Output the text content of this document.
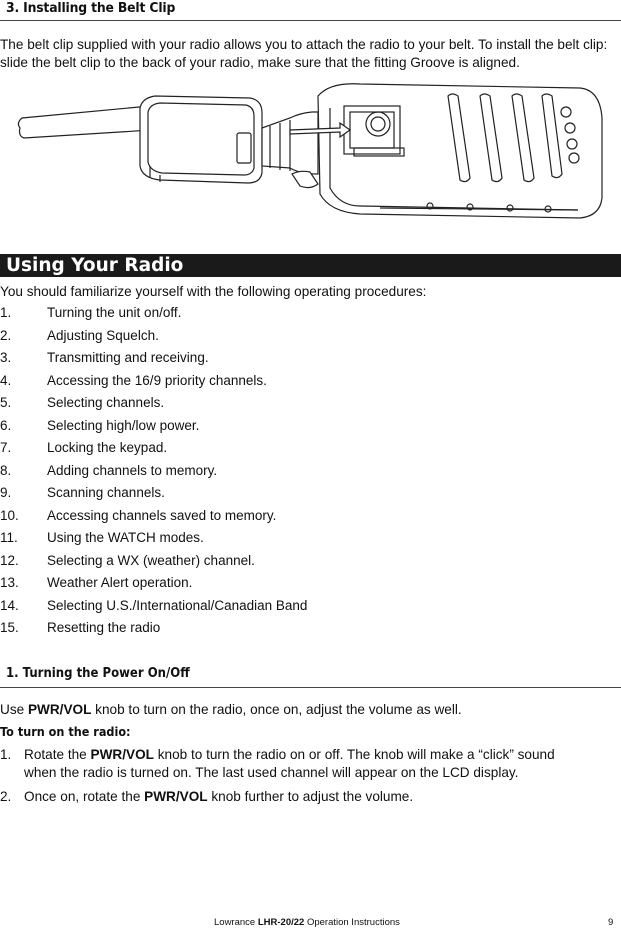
3. Installing the Belt Clip
The belt clip supplied with your radio allows you to attach the radio to your belt. To install the belt clip: slide the belt clip to the back of your radio, make sure that the fitting Groove is aligned.
Using Your Radio
You should familiarize yourself with the following operating procedures:
1.	Turning the unit on/off.
2.	Adjusting Squelch.
3.	Transmitting and receiving.
4.	Accessing the 16/9 priority channels.
5.	Selecting channels.
6.	Selecting high/low power.
7.	Locking the keypad.
8.	Adding channels to memory.
9.	Scanning channels.
10.	Accessing channels saved to memory.
11.	Using the WATCH modes.
12.	Selecting a WX (weather) channel.
13.	Weather Alert operation.
14.	Selecting U.S./International/Canadian Band
15.	Resetting the radio
1. Turning the Power On/Off
Use PWR/VOL knob to turn on the radio, once on, adjust the volume as well.
To turn on the radio:
1. Rotate the PWR/VOL knob to turn the radio on or off. The knob will make a “click” sound
when the radio is turned on. The last used channel will appear on the LCD display.
2. Once on, rotate the PWR/VOL knob further to adjust the volume.
Lowrance LHR-20/22 Operation Instructions	9
